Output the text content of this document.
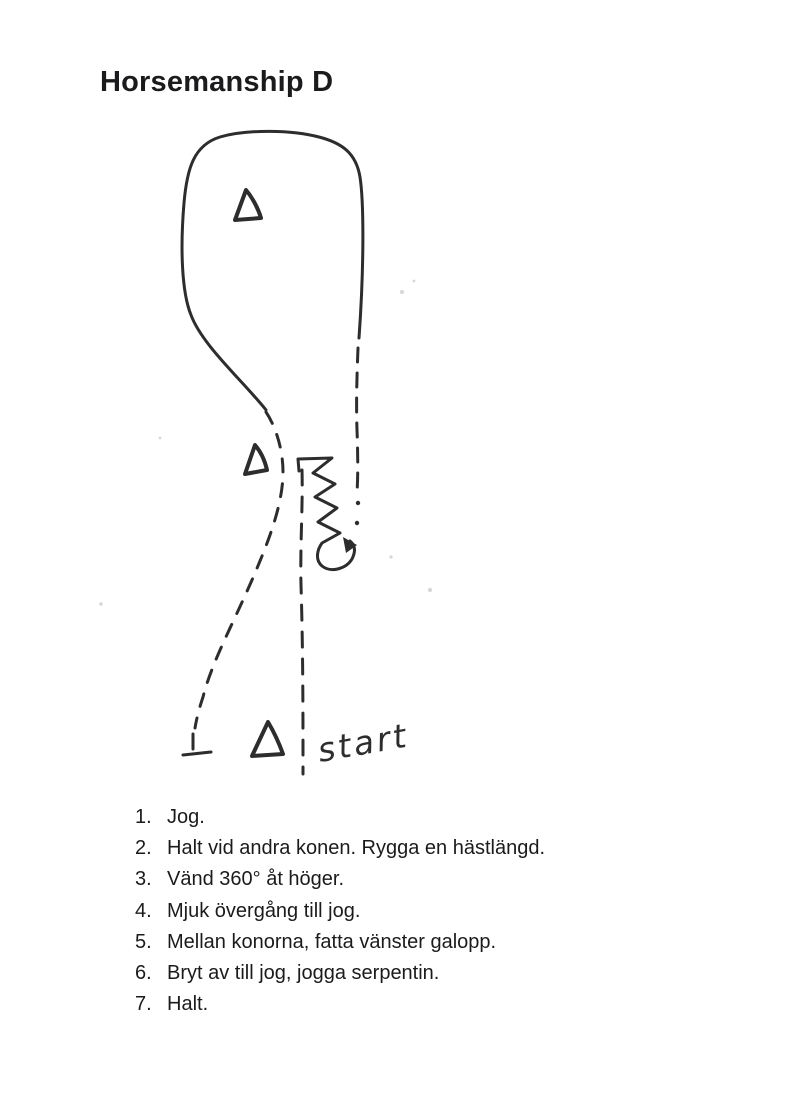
Horsemanship D
start
1. Jog.
2. Halt vid andra konen. Rygga en hästlängd.
3. Vänd 360° åt höger.
4. Mjuk övergång till jog.
5. Mellan konorna, fatta vänster galopp.
6. Bryt av till jog, jogga serpentin.
7. Halt.
